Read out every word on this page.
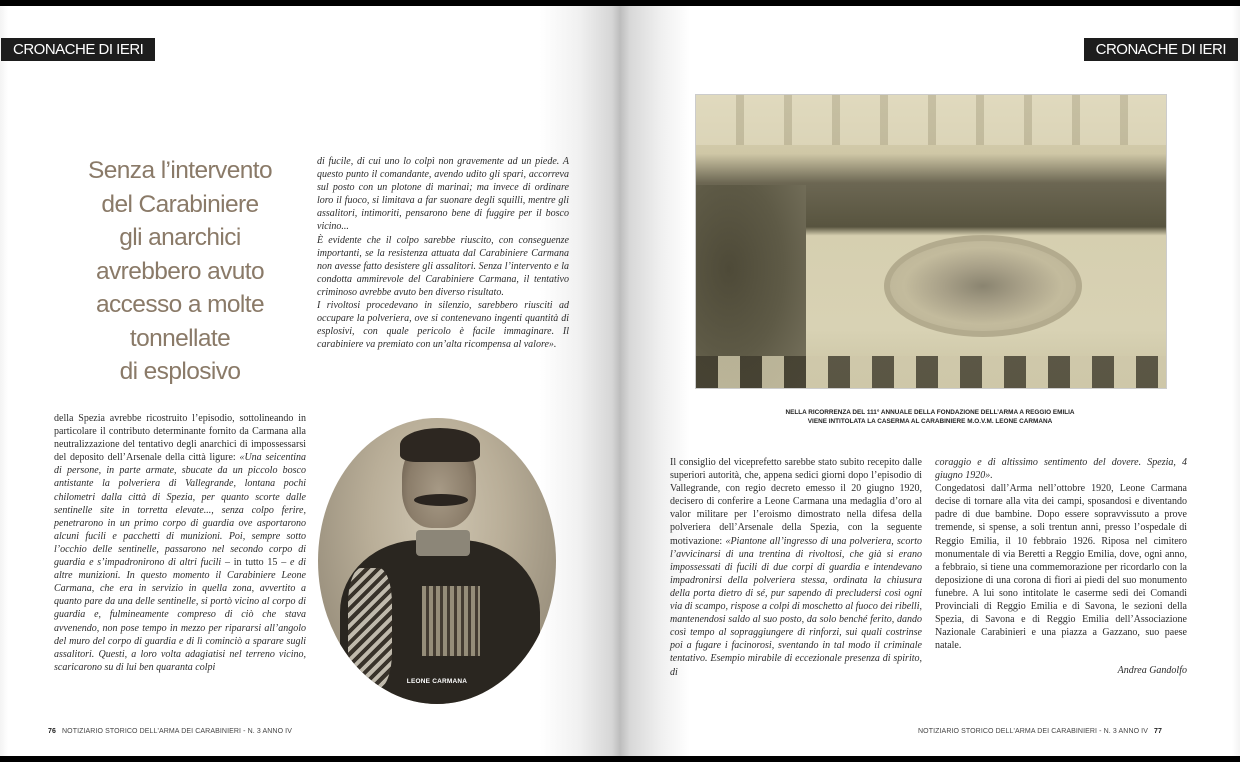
CRONACHE DI IERI
Senza l’intervento
del Carabiniere
gli anarchici
avrebbero avuto
accesso a molte
tonnellate
di esplosivo

di fucile, di cui uno lo colpì non gravemente ad un piede. A questo punto il comandante, avendo udito gli spari, accorreva sul posto con un plotone di marinai; ma invece di ordinare loro il fuoco, si limitava a far suonare degli squilli, mentre gli assalitori, intimoriti, pensarono bene di fuggire per il bosco vicino...

È evidente che il colpo sarebbe riuscito, con conseguenze importanti, se la resistenza attuata dal Carabiniere Carmana non avesse fatto desistere gli assalitori. Senza l’intervento e la condotta ammirevole del Carabiniere Carmana, il tentativo criminoso avrebbe avuto ben diverso risultato.

I rivoltosi procedevano in silenzio, sarebbero riusciti ad occupare la polveriera, ove si contenevano ingenti quantità di esplosivi, con quale pericolo è facile immaginare. Il carabiniere va premiato con un’alta ricompensa al valore».

della Spezia avrebbe ricostruito l’episodio, sottolineando in particolare il contributo determinante fornito da Carmana alla neutralizzazione del tentativo degli anarchici di impossessarsi del deposito dell’Arsenale della città ligure: «Una seicentina di persone, in parte armate, sbucate da un piccolo bosco antistante la polveriera di Vallegrande, lontana pochi chilometri dalla città di Spezia, per quanto scorte dalle sentinelle site in torretta elevate..., senza colpo ferire, penetrarono in un primo corpo di guardia ove asportarono alcuni fucili e pacchetti di munizioni. Poi, sempre sotto l’occhio delle sentinelle, passarono nel secondo corpo di guardia e s’impadronirono di altri fucili – in tutto 15 – e di altre munizioni. In questo momento il Carabiniere Leone Carmana, che era in servizio in quella zona, avvertito a quanto pare da una delle sentinelle, si portò vicino al corpo di guardia e, fulmineamente compreso di ciò che stava avvenendo, non pose tempo in mezzo per ripararsi all’angolo del muro del corpo di guardia e di lì cominciò a sparare sugli assalitori. Questi, a loro volta adagiatisi nel terreno vicino, scaricarono su di lui ben quaranta colpi

LEONE CARMANA
76 NOTIZIARIO STORICO DELL'ARMA DEI CARABINIERI - N. 3 ANNO IV
CRONACHE DI IERI
NELLA RICORRENZA DEL 111° ANNUALE DELLA FONDAZIONE DELL’ARMA A REGGIO EMILIA
VIENE INTITOLATA LA CASERMA AL CARABINIERE M.O.V.M. LEONE CARMANA

Il consiglio del viceprefetto sarebbe stato subito recepito dalle superiori autorità, che, appena sedici giorni dopo l’episodio di Vallegrande, con regio decreto emesso il 20 giugno 1920, decisero di conferire a Leone Carmana una medaglia d’oro al valor militare per l’eroismo dimostrato nella difesa della polveriera dell’Arsenale della Spezia, con la seguente motivazione: «Piantone all’ingresso di una polveriera, scorto l’avvicinarsi di una trentina di rivoltosi, che già si erano impossessati di fucili di due corpi di guardia e intendevano impadronirsi della polveriera stessa, ordinata la chiusura della porta dietro di sé, pur sapendo di precludersi così ogni via di scampo, rispose a colpi di moschetto al fuoco dei ribelli, mantenendosi saldo al suo posto, da solo benché ferito, dando così tempo al sopraggiungere di rinforzi, sui quali costrinse poi a fugare i facinorosi, sventando in tal modo il criminale tentativo. Esempio mirabile di eccezionale presenza di spirito, di

coraggio e di altissimo sentimento del dovere. Spezia, 4 giugno 1920».

Congedatosi dall’Arma nell’ottobre 1920, Leone Carmana decise di tornare alla vita dei campi, sposandosi e diventando padre di due bambine. Dopo essere sopravvissuto a prove tremende, si spense, a soli trentun anni, presso l’ospedale di Reggio Emilia, il 10 febbraio 1926. Riposa nel cimitero monumentale di via Beretti a Reggio Emilia, dove, ogni anno, a febbraio, si tiene una commemorazione per ricordarlo con la deposizione di una corona di fiori ai piedi del suo monumento funebre. A lui sono intitolate le caserme sedi dei Comandi Provinciali di Reggio Emilia e di Savona, le sezioni della Spezia, di Savona e di Reggio Emilia dell’Associazione Nazionale Carabinieri e una piazza a Gazzano, suo paese natale.

Andrea Gandolfo

NOTIZIARIO STORICO DELL'ARMA DEI CARABINIERI - N. 3 ANNO IV 77
